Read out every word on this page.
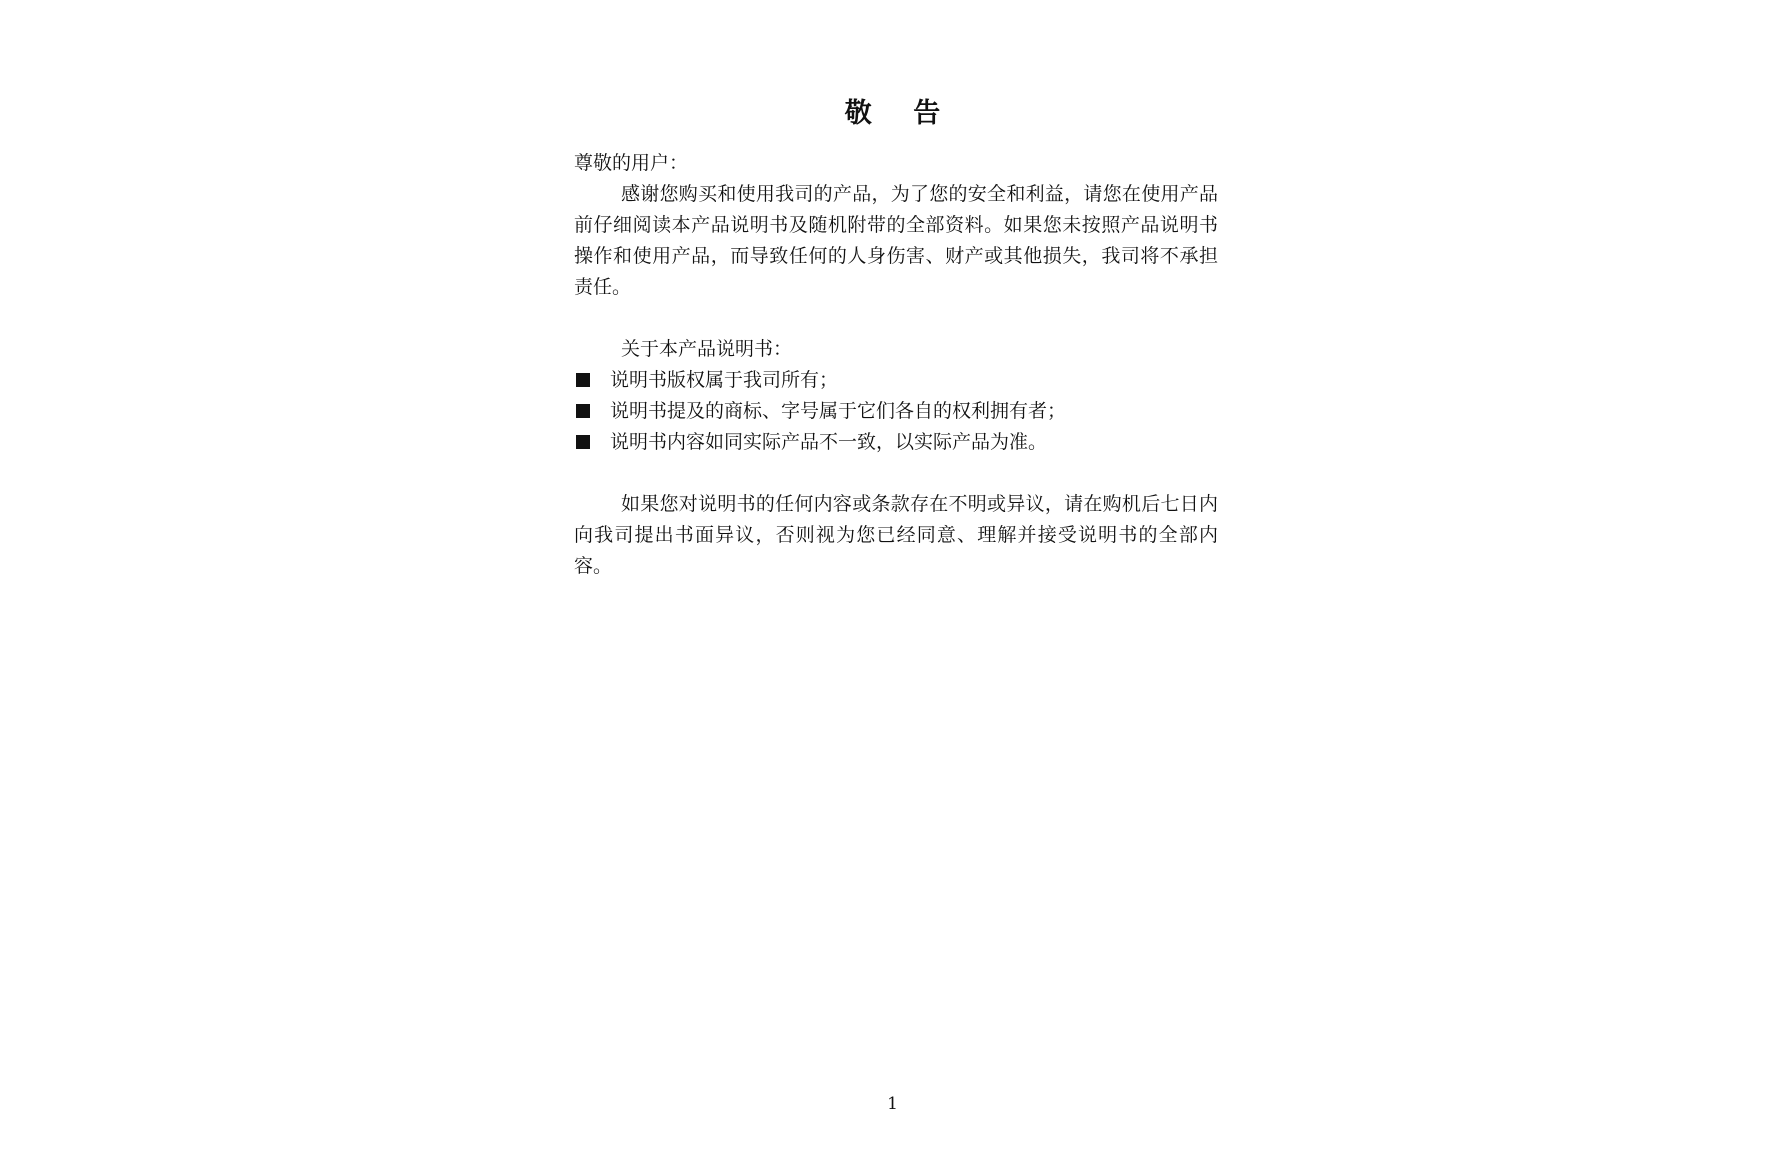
敬 告

尊敬的用户：

感谢您购买和使用我司的产品，为了您的安全和利益，请您在使用产品前仔细阅读本产品说明书及随机附带的全部资料。如果您未按照产品说明书操作和使用产品，而导致任何的人身伤害、财产或其他损失，我司将不承担责任。

关于本产品说明书：

说明书版权属于我司所有；
说明书提及的商标、字号属于它们各自的权利拥有者；
说明书内容如同实际产品不一致，以实际产品为准。

如果您对说明书的任何内容或条款存在不明或异议，请在购机后七日内向我司提出书面异议，否则视为您已经同意、理解并接受说明书的全部内容。

1
